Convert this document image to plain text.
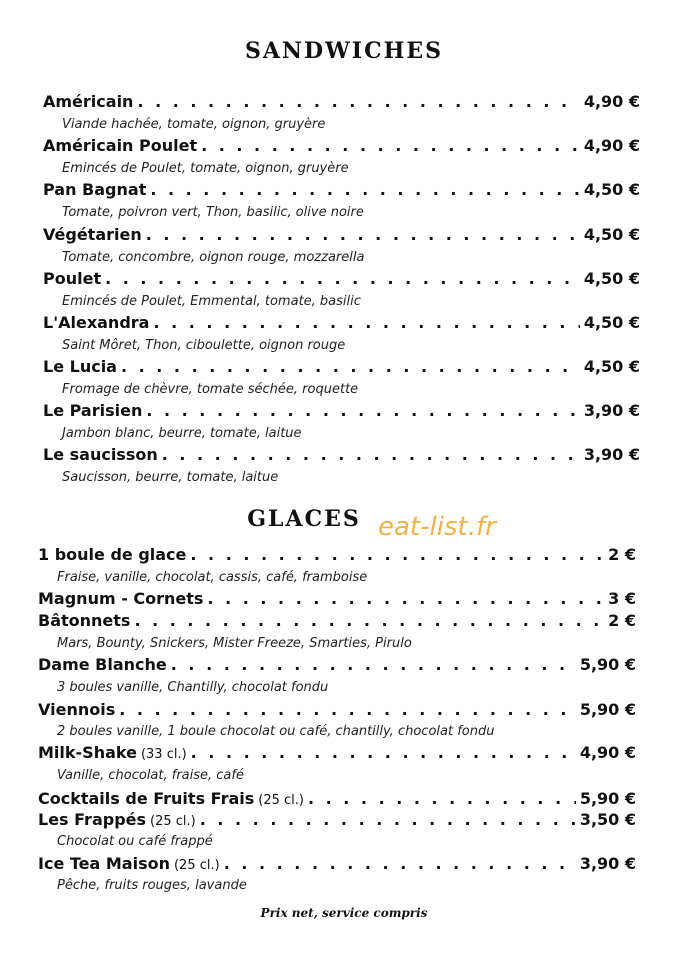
SANDWICHES
Américain . . .	4,90 €
Viande hachée, tomate, oignon, gruyère
Américain Poulet . . .	4,90 €
Emincés de Poulet, tomate, oignon, gruyère
Pan Bagnat . . .	4,50 €
Tomate, poivron vert, Thon, basilic, olive noire
Végétarien . . .	4,50 €
Tomate, concombre, oignon rouge, mozzarella
Poulet . . .	4,50 €
Emincés de Poulet, Emmental, tomate, basilic
L'Alexandra . . .	4,50 €
Saint Môret, Thon, ciboulette, oignon rouge
Le Lucia . . .	4,50 €
Fromage de chèvre, tomate séchée, roquette
Le Parisien . . .	3,90 €
Jambon blanc, beurre, tomate, laitue
Le saucisson . . .	3,90 €
Saucisson, beurre, tomate, laitue
GLACES eat-list.fr
1 boule de glace . . .	2 €
Fraise, vanille, chocolat, cassis, café, framboise
Magnum - Cornets . . .	3 €
Bâtonnets . . .	2 €
Mars, Bounty, Snickers, Mister Freeze, Smarties, Pirulo
Dame Blanche . . .	5,90 €
3 boules vanille, Chantilly, chocolat fondu
Viennois . . .	5,90 €
2 boules vanille, 1 boule chocolat ou café, chantilly, chocolat fondu
Milk-Shake (33 cl.) . . .	4,90 €
Vanille, chocolat, fraise, café
Cocktails de Fruits Frais (25 cl.) . . .	5,90 €
Les Frappés (25 cl.) . . .	3,50 €
Chocolat ou café frappé
Ice Tea Maison (25 cl.) . . .	3,90 €
Pêche, fruits rouges, lavande
Prix net, service compris
